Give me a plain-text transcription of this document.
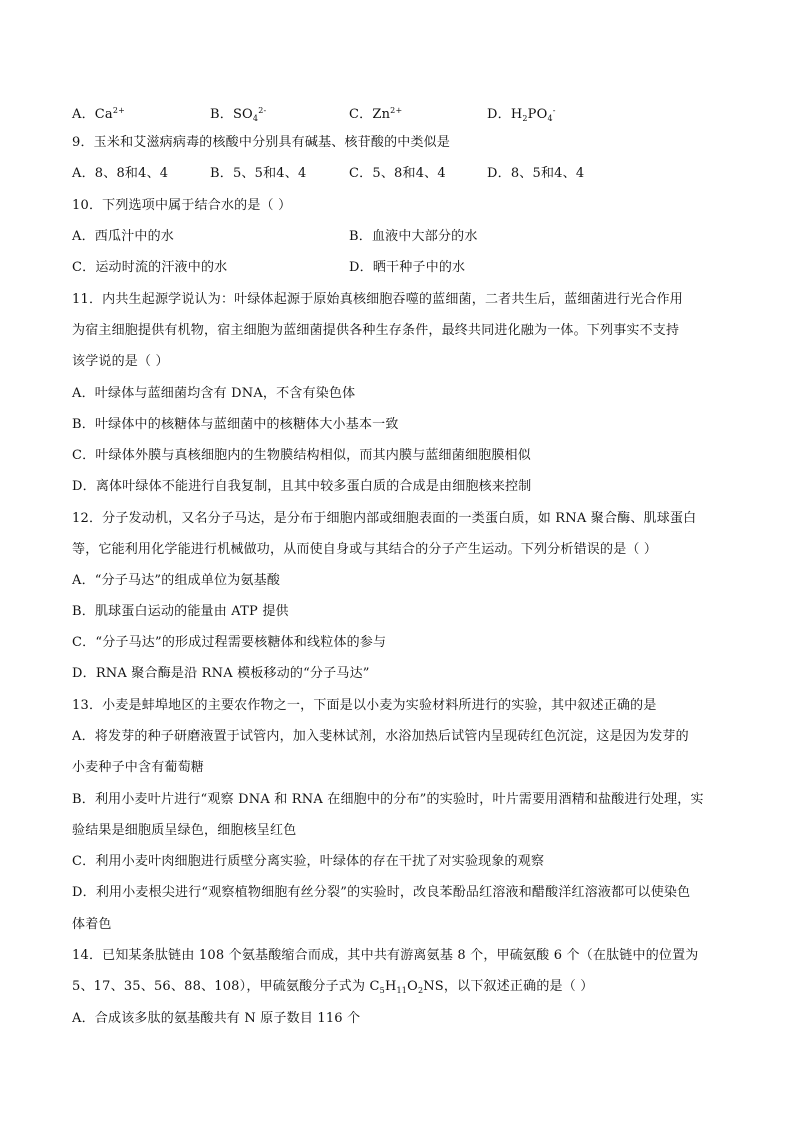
A．$Ca^{2+}$	B．$SO_4^{2-}$	C．$Zn^{2+}$	D．$H_2PO_4^-$
9．玉米和艾滋病病毒的核酸中分别具有碱基、核苷酸的中类似是
A．8、8和4、4	B．5、5和4、4	C．5、8和4、4	D．8、5和4、4
10．下列选项中属于结合水的是（ ）
A．西瓜汁中的水	B．血液中大部分的水
C．运动时流的汗液中的水	D．晒干种子中的水
11．内共生起源学说认为：叶绿体起源于原始真核细胞吞噬的蓝细菌，二者共生后，蓝细菌进行光合作用
为宿主细胞提供有机物，宿主细胞为蓝细菌提供各种生存条件，最终共同进化融为一体。下列事实不支持
该学说的是（ ）
A．叶绿体与蓝细菌均含有 DNA，不含有染色体
B．叶绿体中的核糖体与蓝细菌中的核糖体大小基本一致
C．叶绿体外膜与真核细胞内的生物膜结构相似，而其内膜与蓝细菌细胞膜相似
D．离体叶绿体不能进行自我复制，且其中较多蛋白质的合成是由细胞核来控制
12．分子发动机，又名分子马达，是分布于细胞内部或细胞表面的一类蛋白质，如 RNA 聚合酶、肌球蛋白
等，它能利用化学能进行机械做功，从而使自身或与其结合的分子产生运动。下列分析错误的是（ ）
A．“分子马达”的组成单位为氨基酸
B．肌球蛋白运动的能量由 ATP 提供
C．“分子马达”的形成过程需要核糖体和线粒体的参与
D．RNA 聚合酶是沿 RNA 模板移动的“分子马达”
13．小麦是蚌埠地区的主要农作物之一，下面是以小麦为实验材料所进行的实验，其中叙述正确的是
A．将发芽的种子研磨液置于试管内，加入斐林试剂，水浴加热后试管内呈现砖红色沉淀，这是因为发芽的
小麦种子中含有葡萄糖
B．利用小麦叶片进行“观察 DNA 和 RNA 在细胞中的分布”的实验时，叶片需要用酒精和盐酸进行处理，实
验结果是细胞质呈绿色，细胞核呈红色
C．利用小麦叶肉细胞进行质壁分离实验，叶绿体的存在干扰了对实验现象的观察
D．利用小麦根尖进行“观察植物细胞有丝分裂”的实验时，改良苯酚品红溶液和醋酸洋红溶液都可以使染色
体着色
14．已知某条肽链由 108 个氨基酸缩合而成，其中共有游离氨基 8 个，甲硫氨酸 6 个（在肽链中的位置为
5、17、35、56、88、108），甲硫氨酸分子式为 $C_5H_{11}O_2NS$，以下叙述正确的是（ ）
A．合成该多肽的氨基酸共有 N 原子数目 116 个
